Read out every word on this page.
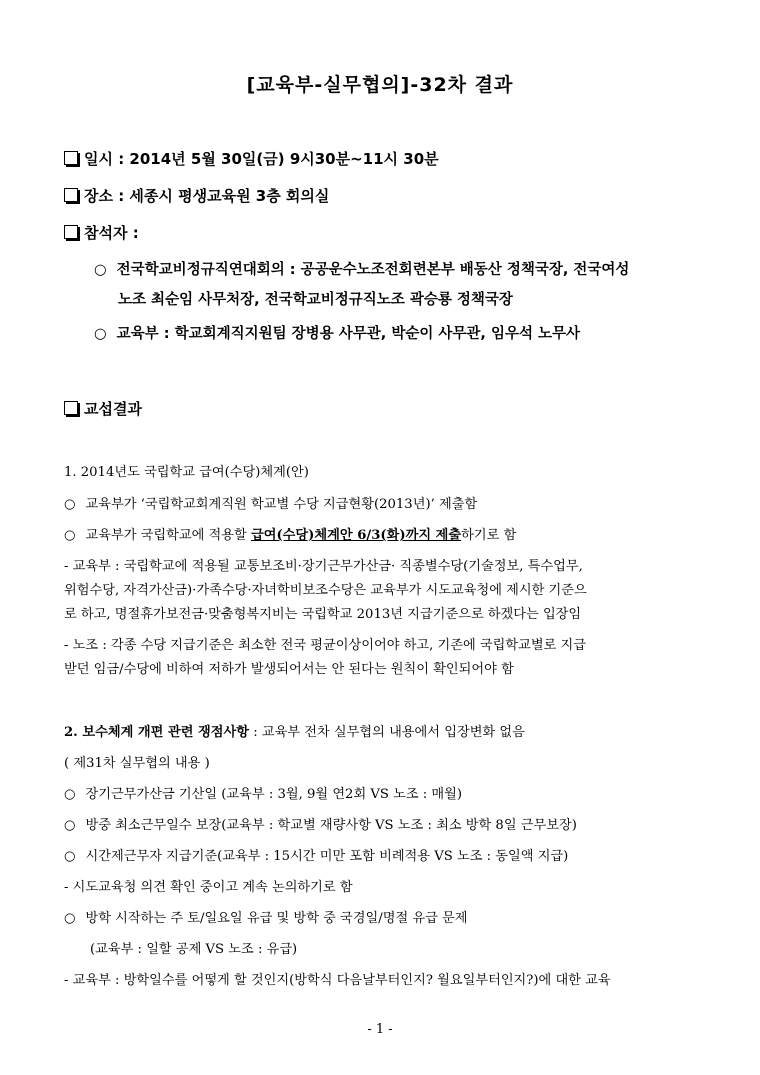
[교육부-실무협의]-32차 결과
일시 : 2014년 5월 30일(금) 9시30분~11시 30분
장소 : 세종시 평생교육원 3층 회의실
참석자 :
○ 전국학교비정규직연대회의 : 공공운수노조전회련본부 배동산 정책국장, 전국여성
노조 최순임 사무처장, 전국학교비정규직노조 곽승룡 정책국장
○ 교육부 : 학교회계직지원팀 장병용 사무관, 박순이 사무관, 임우석 노무사
교섭결과
1. 2014년도 국립학교 급여(수당)체계(안)
○ 교육부가 ‘국립학교회계직원 학교별 수당 지급현황(2013년)’ 제출함
○ 교육부가 국립학교에 적용할 급여(수당)체계안 6/3(화)까지 제출하기로 함
- 교육부 : 국립학교에 적용될 교통보조비·장기근무가산금· 직종별수당(기술정보, 특수업무,
위험수당, 자격가산금)·가족수당·자녀학비보조수당은 교육부가 시도교육청에 제시한 기준으
로 하고, 명절휴가보전금·맞춤형복지비는 국립학교 2013년 지급기준으로 하겠다는 입장임
- 노조 : 각종 수당 지급기준은 최소한 전국 평균이상이어야 하고, 기존에 국립학교별로 지급
받던 임금/수당에 비하여 저하가 발생되어서는 안 된다는 원칙이 확인되어야 함
2. 보수체계 개편 관련 쟁점사항 : 교육부 전차 실무협의 내용에서 입장변화 없음
( 제31차 실무협의 내용 )
○ 장기근무가산금 기산일 (교육부 : 3월, 9월 연2회 VS 노조 : 매월)
○ 방중 최소근무일수 보장(교육부 : 학교별 재량사항 VS 노조 : 최소 방학 8일 근무보장)
○ 시간제근무자 지급기준(교육부 : 15시간 미만 포함 비례적용 VS 노조 : 동일액 지급)
- 시도교육청 의견 확인 중이고 계속 논의하기로 함
○ 방학 시작하는 주 토/일요일 유급 및 방학 중 국경일/명절 유급 문제
(교육부 : 일할 공제 VS 노조 : 유급)
- 교육부 : 방학일수를 어떻게 할 것인지(방학식 다음날부터인지? 월요일부터인지?)에 대한 교육
- 1 -
